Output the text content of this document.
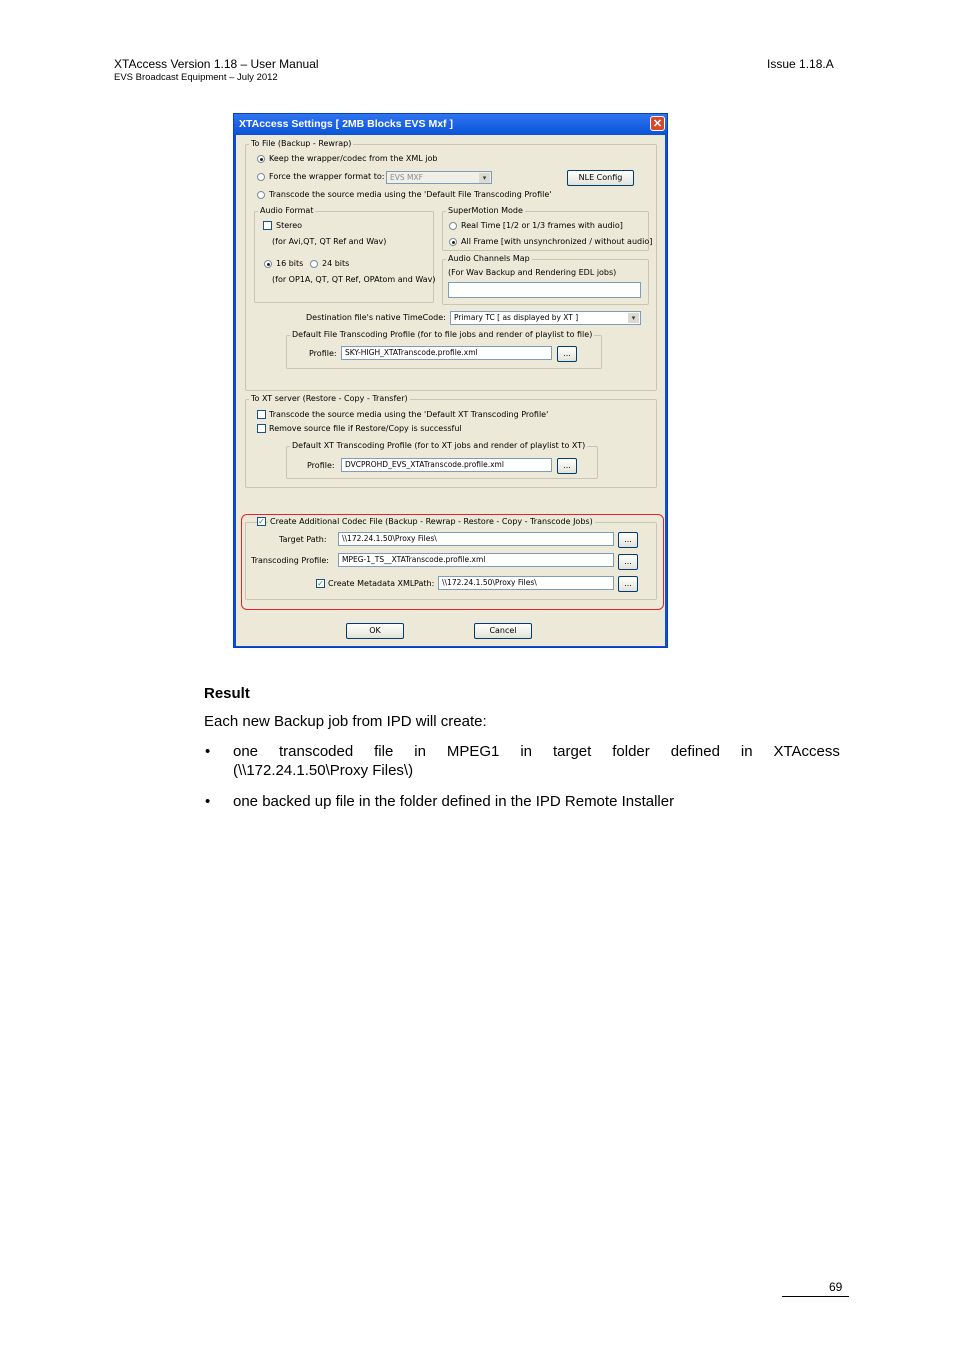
XTAccess Version 1.18 – User Manual
EVS Broadcast Equipment – July 2012
Issue 1.18.A
XTAccess Settings [ 2MB Blocks EVS Mxf ]	✕
To File (Backup - Rewrap)
Keep the wrapper/codec from the XML job
Force the wrapper format to: EVS MXF	▾	NLE Config
Transcode the source media using the 'Default File Transcoding Profile'
Audio Format
Stereo
(for Avi,QT, QT Ref and Wav)
16 bits 24 bits
(for OP1A, QT, QT Ref, OPAtom and Wav)
SuperMotion Mode
Real Time [1/2 or 1/3 frames with audio]
All Frame [with unsynchronized / without audio]
Audio Channels Map
(For Wav Backup and Rendering EDL jobs)
Destination file's native TimeCode:	Primary TC [ as displayed by XT ]	▾
Default File Transcoding Profile (for to file jobs and render of playlist to file)
Profile:	SKY-HIGH_XTATranscode.profile.xml	...
To XT server (Restore - Copy - Transfer)
Transcode the source media using the 'Default XT Transcoding Profile'
Remove source file if Restore/Copy is successful
Default XT Transcoding Profile (for to XT jobs and render of playlist to XT)
Profile:	DVCPROHD_EVS_XTATranscode.profile.xml	...
✓ Create Additional Codec File (Backup - Rewrap - Restore - Copy - Transcode Jobs)
Target Path:	\\172.24.1.50\Proxy Files\	...
Transcoding Profile:	MPEG-1_TS__XTATranscode.profile.xml	...
✓ Create Metadata XML Path:	\\172.24.1.50\Proxy Files\	...
OK	Cancel
Result
Each new Backup job from IPD will create:
• one transcoded file in MPEG1 in target folder defined in XTAccess
(\\172.24.1.50\Proxy Files\)
• one backed up file in the folder defined in the IPD Remote Installer
69
